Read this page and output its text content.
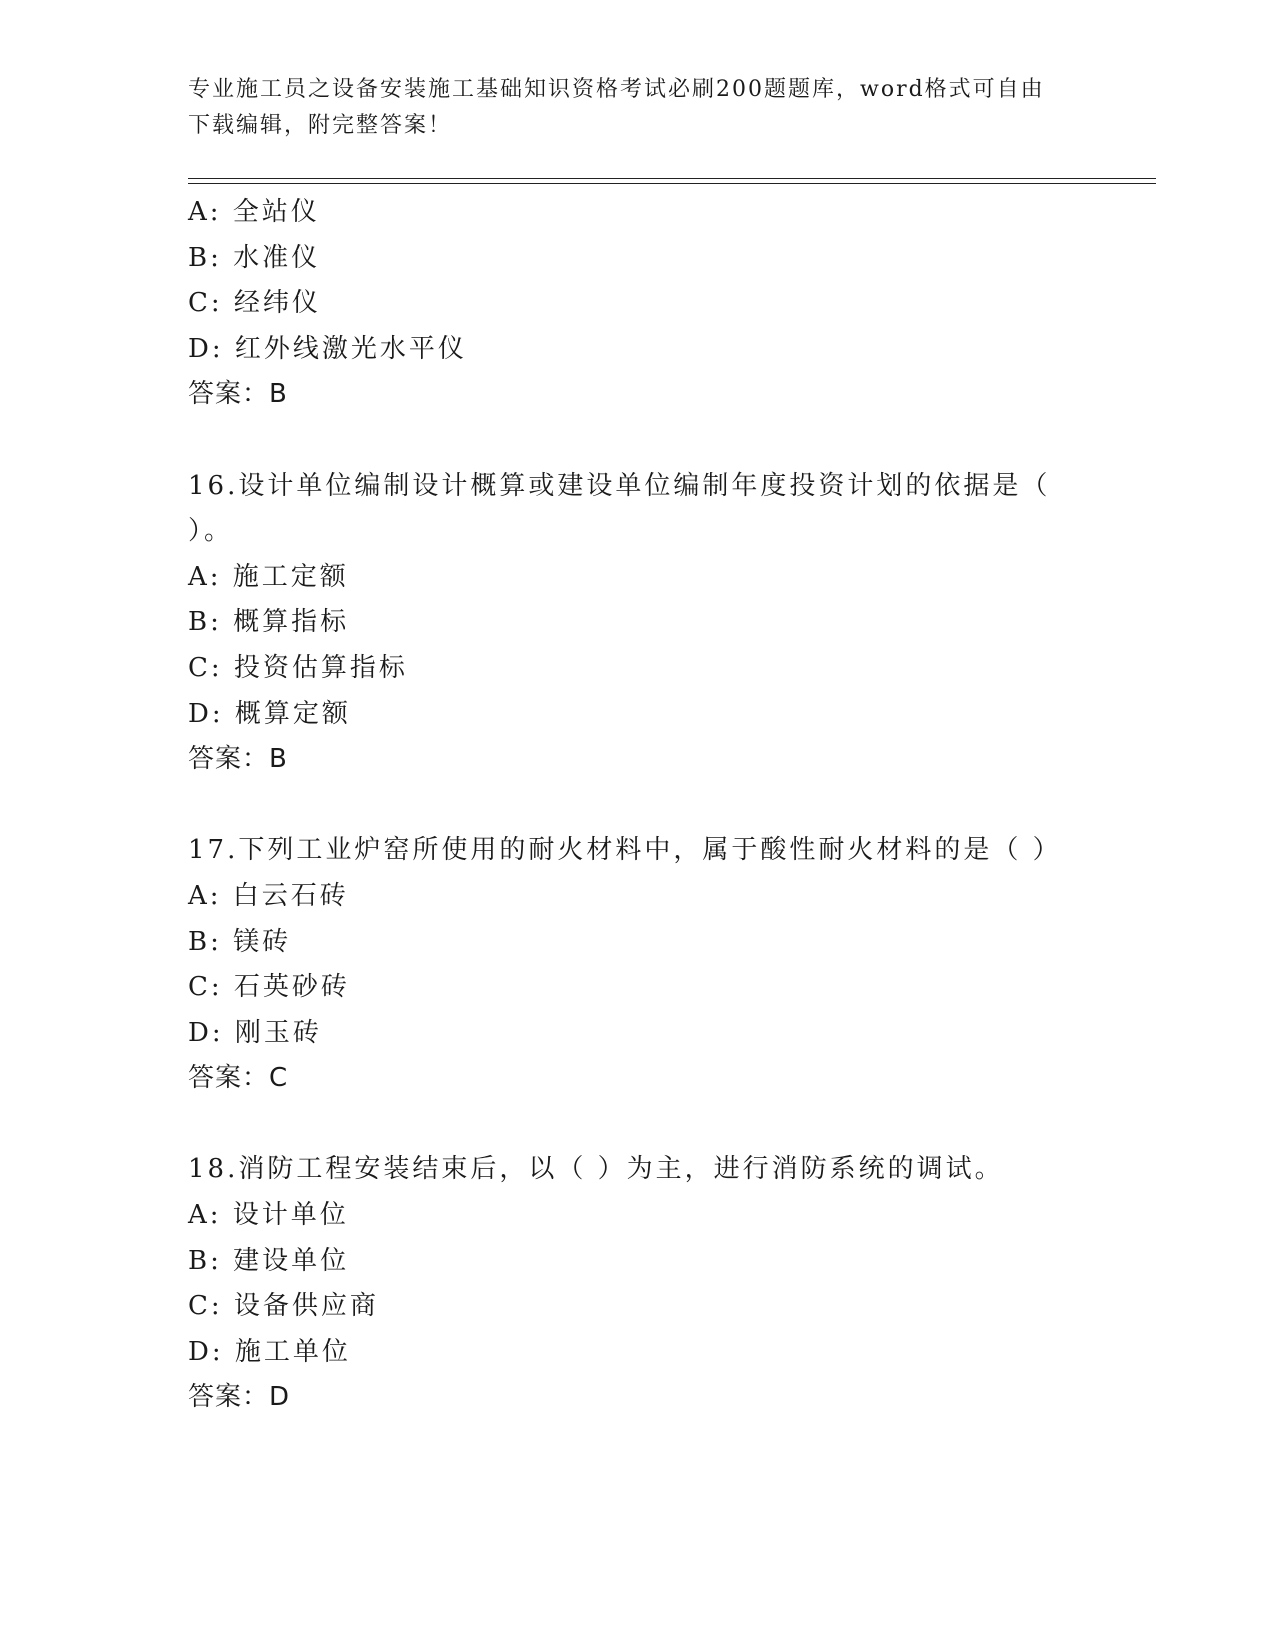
专业施工员之设备安装施工基础知识资格考试必刷200题题库，word格式可自由

下载编辑，附完整答案！
A: 全站仪
B: 水准仪
C: 经纬仪
D: 红外线激光水平仪
答案：B
16.设计单位编制设计概算或建设单位编制年度投资计划的依据是（
）。
A: 施工定额
B: 概算指标
C: 投资估算指标
D: 概算定额
答案：B
17.下列工业炉窑所使用的耐火材料中，属于酸性耐火材料的是（ ）
A: 白云石砖
B: 镁砖
C: 石英砂砖
D: 刚玉砖
答案：C
18.消防工程安装结束后，以（ ）为主，进行消防系统的调试。
A: 设计单位
B: 建设单位
C: 设备供应商
D: 施工单位
答案：D
